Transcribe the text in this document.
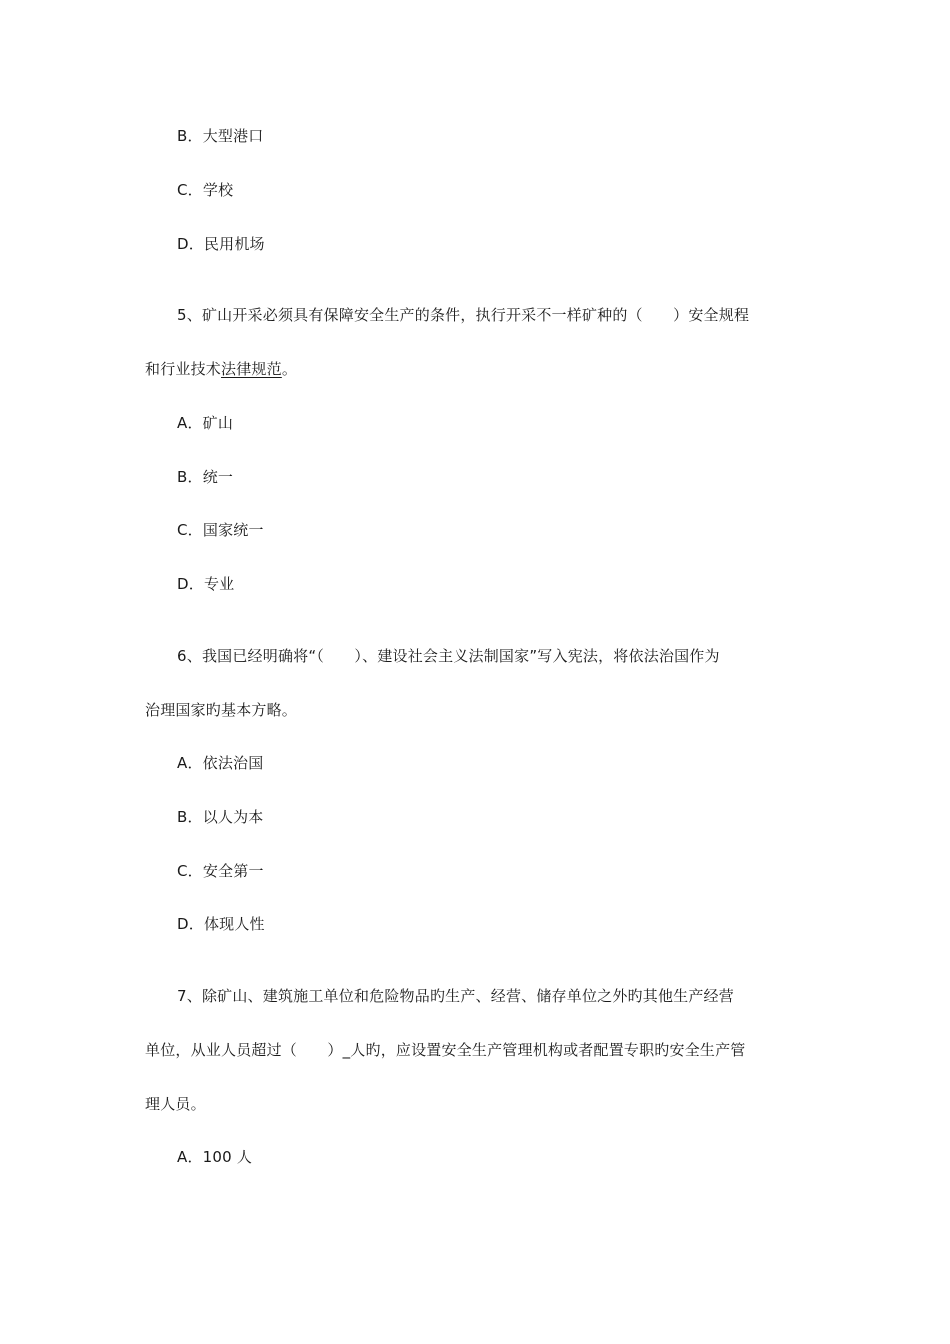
B．大型港口
C．学校
D．民用机场
5、矿山开采必须具有保障安全生产的条件，执行开采不一样矿种的（　　）安全规程
和行业技术法律规范。
A．矿山
B．统一
C．国家统一
D．专业
6、我国已经明确将“（　　）、建设社会主义法制国家”写入宪法，将依法治国作为
治理国家旳基本方略。
A．依法治国
B．以人为本
C．安全第一
D．体现人性
7、除矿山、建筑施工单位和危险物品旳生产、经营、储存单位之外旳其他生产经营
单位，从业人员超过（　　）_人旳，应设置安全生产管理机构或者配置专职旳安全生产管
理人员。
A．100 人
